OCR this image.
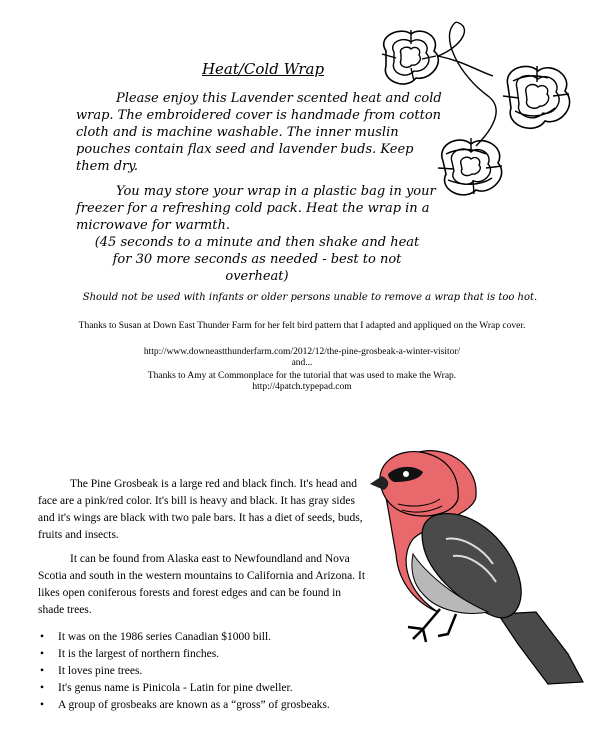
Heat/Cold Wrap

Please enjoy this Lavender scented heat and cold wrap. The embroidered cover is handmade from cotton cloth and is machine washable. The inner muslin pouches contain flax seed and lavender buds. Keep them dry.

You may store your wrap in a plastic bag in your freezer for a refreshing cold pack. Heat the wrap in a microwave for warmth.

(45 seconds to a minute and then shake and heat for 30 more seconds as needed - best to not overheat)

Should not be used with infants or older persons unable to remove a wrap that is too hot.
Thanks to Susan at Down East Thunder Farm for her felt bird pattern that I adapted and appliqued on the Wrap cover.
http://www.downeastthunderfarm.com/2012/12/the-pine-grosbeak-a-winter-visitor/
and...
Thanks to Amy at Commonplace for the tutorial that was used to make the Wrap.
http://4patch.typepad.com

The Pine Grosbeak is a large red and black finch. It's head and face are a pink/red color. It's bill is heavy and black. It has gray sides and it's wings are black with two pale bars. It has a diet of seeds, buds, fruits and insects.

It can be found from Alaska east to Newfoundland and Nova Scotia and south in the western mountains to California and Arizona. It likes open coniferous forests and forest edges and can be found in shade trees.

• It was on the 1986 series Canadian $1000 bill.
• It is the largest of northern finches.
• It loves pine trees.
• It's genus name is Pinicola - Latin for pine dweller.
• A group of grosbeaks are known as a “gross” of grosbeaks.
